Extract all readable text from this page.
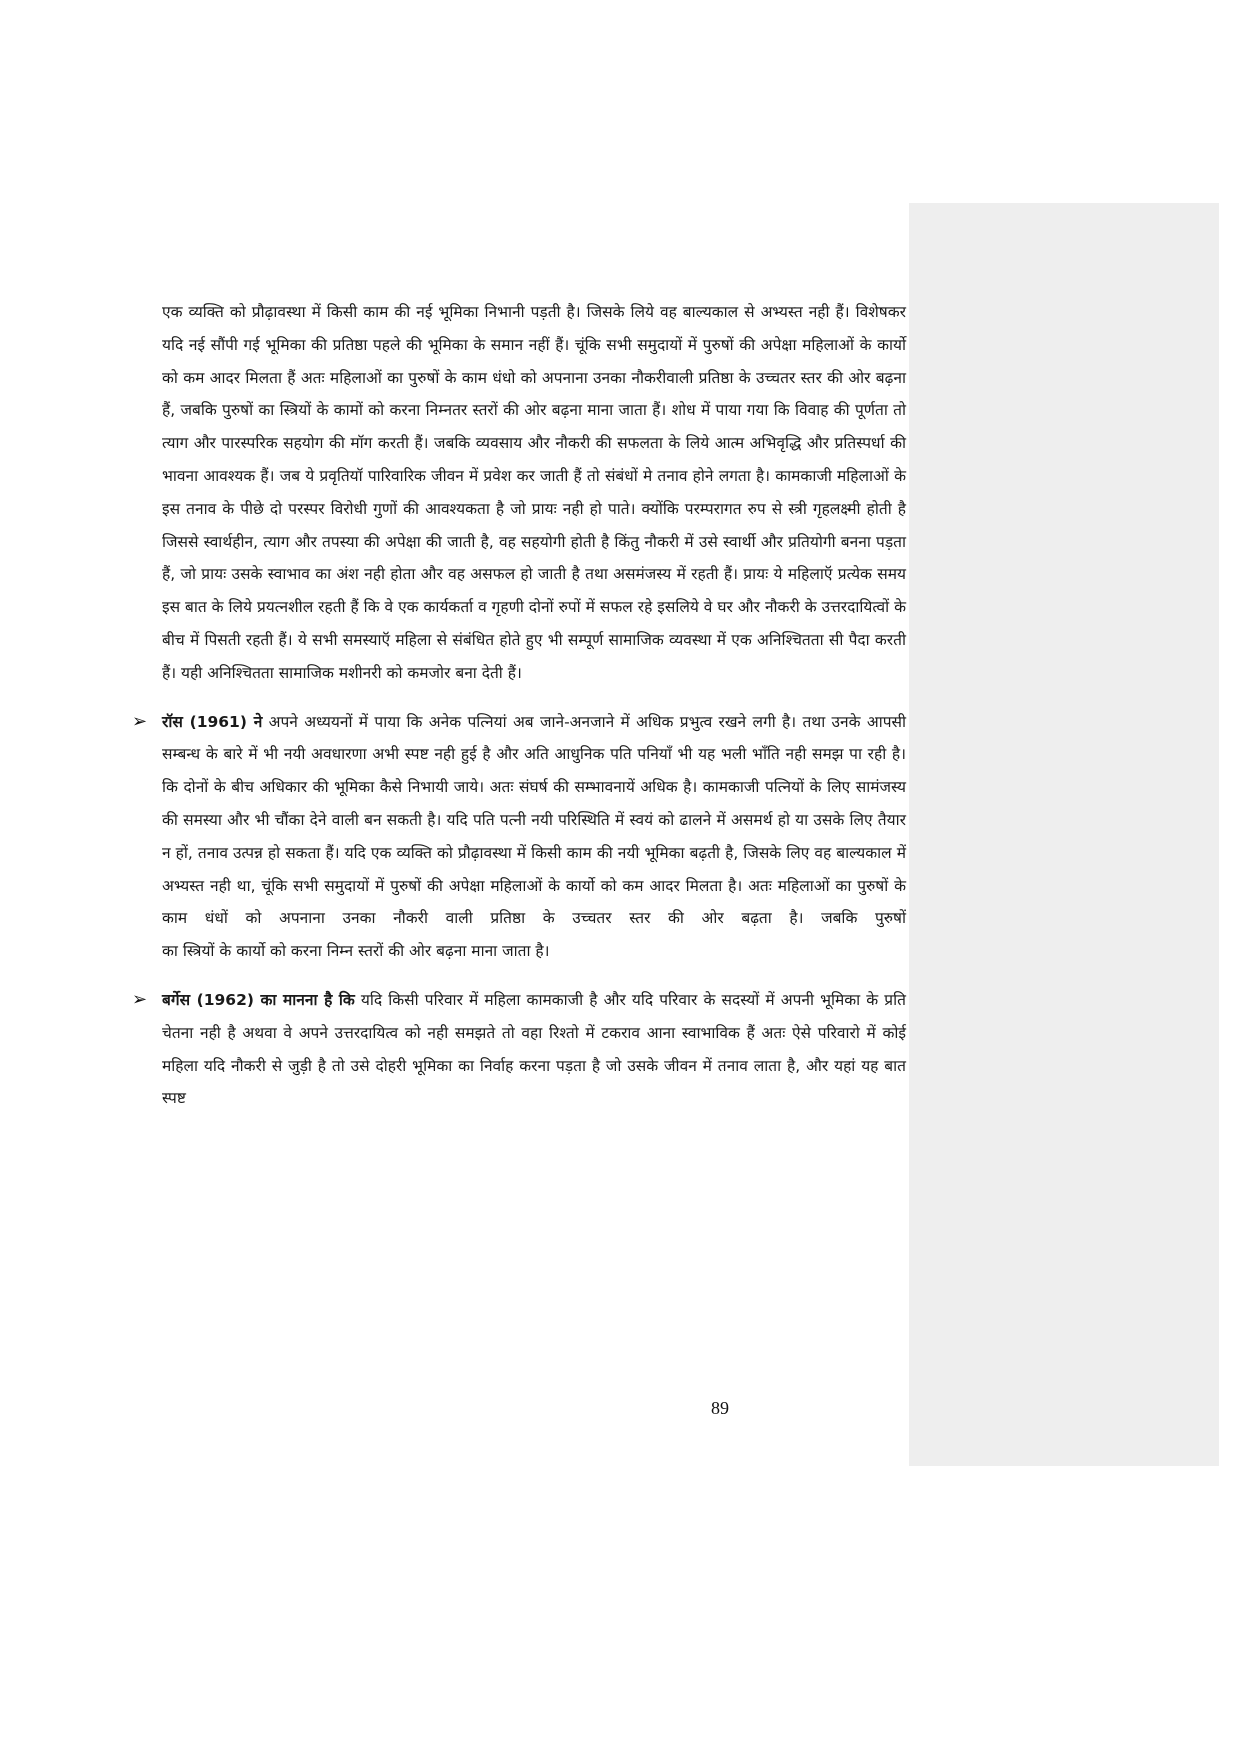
एक व्यक्ति को प्रौढ़ावस्था में किसी काम की नई भूमिका निभानी पड़ती है। जिसके लिये वह बाल्यकाल से अभ्यस्त नही हैं। विशेषकर यदि नई सौंपी गई भूमिका की प्रतिष्ठा पहले की भूमिका के समान नहीं हैं। चूंकि सभी समुदायों में पुरुषों की अपेक्षा महिलाओं के कार्यो को कम आदर मिलता हैं अतः महिलाओं का पुरुषों के काम धंधो को अपनाना उनका नौकरीवाली प्रतिष्ठा के उच्चतर स्तर की ओर बढ़ना हैं, जबकि पुरुषों का स्त्रियों के कामों को करना निम्नतर स्तरों की ओर बढ़ना माना जाता हैं। शोध में पाया गया कि विवाह की पूर्णता तो त्याग और पारस्परिक सहयोग की मॉग करती हैं। जबकि व्यवसाय और नौकरी की सफलता के लिये आत्म अभिवृद्धि और प्रतिस्पर्धा की भावना आवश्यक हैं। जब ये प्रवृतियॉ पारिवारिक जीवन में प्रवेश कर जाती हैं तो संबंधों मे तनाव होने लगता है। कामकाजी महिलाओं के इस तनाव के पीछे दो परस्पर विरोधी गुणों की आवश्यकता है जो प्रायः नही हो पाते। क्योंकि परम्परागत रुप से स्त्री गृहलक्ष्मी होती है जिससे स्वार्थहीन, त्याग और तपस्या की अपेक्षा की जाती है, वह सहयोगी होती है किंतु नौकरी में उसे स्वार्थी और प्रतियोगी बनना पड़ता हैं, जो प्रायः उसके स्वाभाव का अंश नही होता और वह असफल हो जाती है तथा असमंजस्य में रहती हैं। प्रायः ये महिलाऍ प्रत्येक समय इस बात के लिये प्रयत्नशील रहती हैं कि वे एक कार्यकर्ता व गृहणी दोनों रुपों में सफल रहे इसलिये वे घर और नौकरी के उत्तरदायित्वों के बीच में पिसती रहती हैं। ये सभी समस्याऍ महिला से संबंधित होते हुए भी सम्पूर्ण सामाजिक व्यवस्था में एक अनिश्चितता सी पैदा करती
हैं। यही अनिश्चितता सामाजिक मशीनरी को कमजोर बना देती हैं।

➢ रॉस (1961) ने अपने अध्ययनों में पाया कि अनेक पत्नियां अब जाने-अनजाने में अधिक प्रभुत्व रखने लगी है। तथा उनके आपसी सम्बन्ध के बारे में भी नयी अवधारणा अभी स्पष्ट नही हुई है और अति आधुनिक पति पनियाँ भी यह भली भाँति नही समझ पा रही है। कि दोनों के बीच अधिकार की भूमिका कैसे निभायी जाये। अतः संघर्ष की सम्भावनायें अधिक है। कामकाजी पत्नियों के लिए सामंजस्य की समस्या और भी चौंका देने वाली बन सकती है। यदि पति पत्नी नयी परिस्थिति में स्वयं को ढालने में असमर्थ हो या उसके लिए तैयार न हों, तनाव उत्पन्न हो सकता हैं। यदि एक व्यक्ति को प्रौढ़ावस्था में किसी काम की नयी भूमिका बढ़ती है, जिसके लिए वह बाल्यकाल में अभ्यस्त नही था, चूंकि सभी समुदायों में पुरुषों की अपेक्षा महिलाओं के कार्यो को कम आदर मिलता है। अतः महिलाओं का पुरुषों के काम धंधों को अपनाना उनका नौकरी वाली प्रतिष्ठा के उच्चतर स्तर की ओर बढ़ता है। जबकि पुरुषों
का स्त्रियों के कार्यो को करना निम्न स्तरों की ओर बढ़ना माना जाता है।

➢ बर्गेस (1962) का मानना है कि यदि किसी परिवार में महिला कामकाजी है और यदि परिवार के सदस्यों में अपनी भूमिका के प्रति चेतना नही है अथवा वे अपने उत्तरदायित्व को नही समझते तो वहा रिश्तो में टकराव आना स्वाभाविक हैं अतः ऐसे परिवारो में कोई महिला यदि नौकरी से जुड़ी है तो उसे दोहरी भूमिका का निर्वाह करना पड़ता है जो उसके जीवन में तनाव लाता है, और यहां यह बात स्पष्ट

89
